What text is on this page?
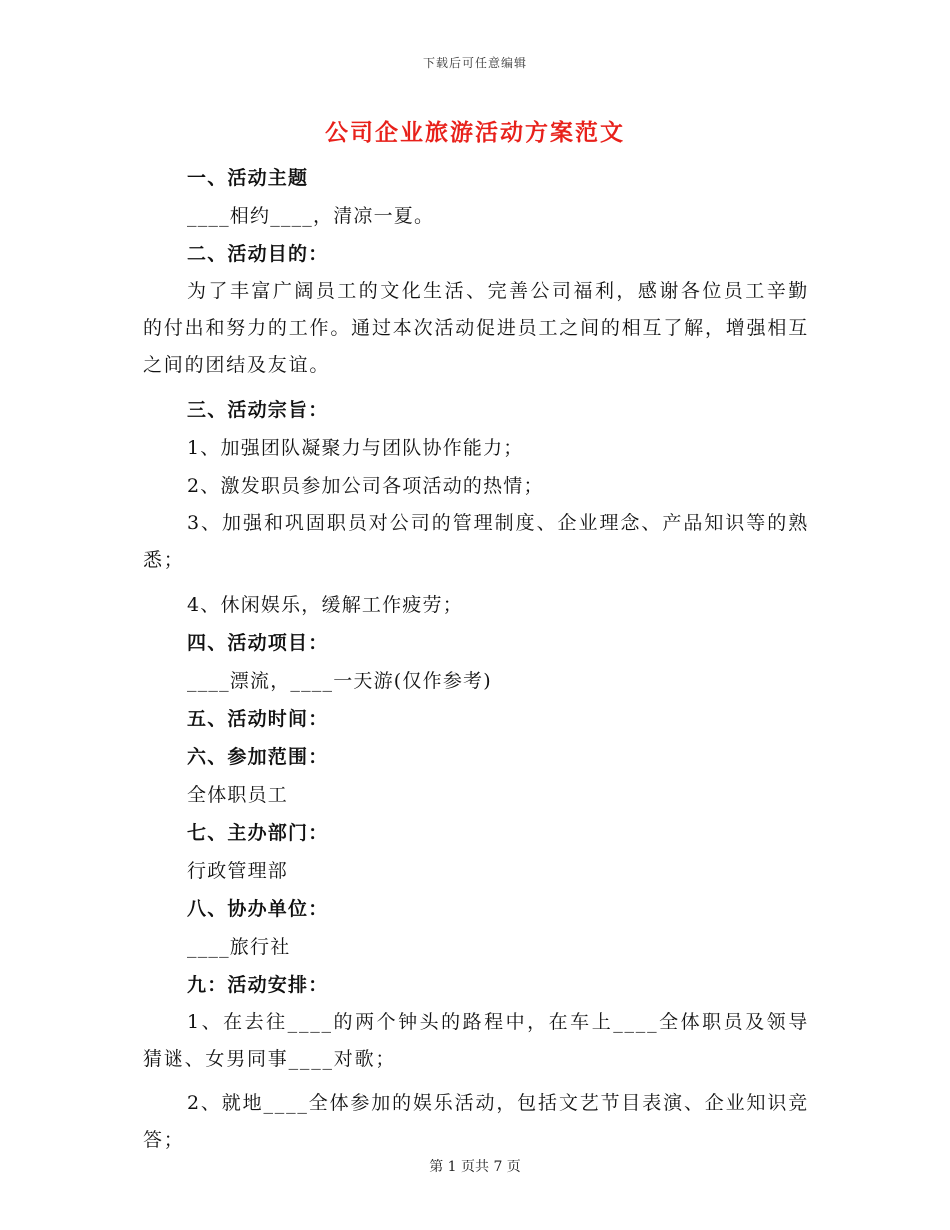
下载后可任意编辑
公司企业旅游活动方案范文
一、活动主题
____相约____，清凉一夏。
二、活动目的：
为了丰富广阔员工的文化生活、完善公司福利，感谢各位员工辛勤的付出和努力的工作。通过本次活动促进员工之间的相互了解，增强相互之间的团结及友谊。
三、活动宗旨：
1、加强团队凝聚力与团队协作能力；
2、激发职员参加公司各项活动的热情；
3、加强和巩固职员对公司的管理制度、企业理念、产品知识等的熟悉；
4、休闲娱乐，缓解工作疲劳；
四、活动项目：
____漂流，____一天游(仅作参考)
五、活动时间：
六、参加范围：
全体职员工
七、主办部门：
行政管理部
八、协办单位：
____旅行社
九：活动安排：
1、在去往____的两个钟头的路程中，在车上____全体职员及领导猜谜、女男同事____对歌；
2、就地____全体参加的娱乐活动，包括文艺节目表演、企业知识竞答；
第 1 页共 7 页
